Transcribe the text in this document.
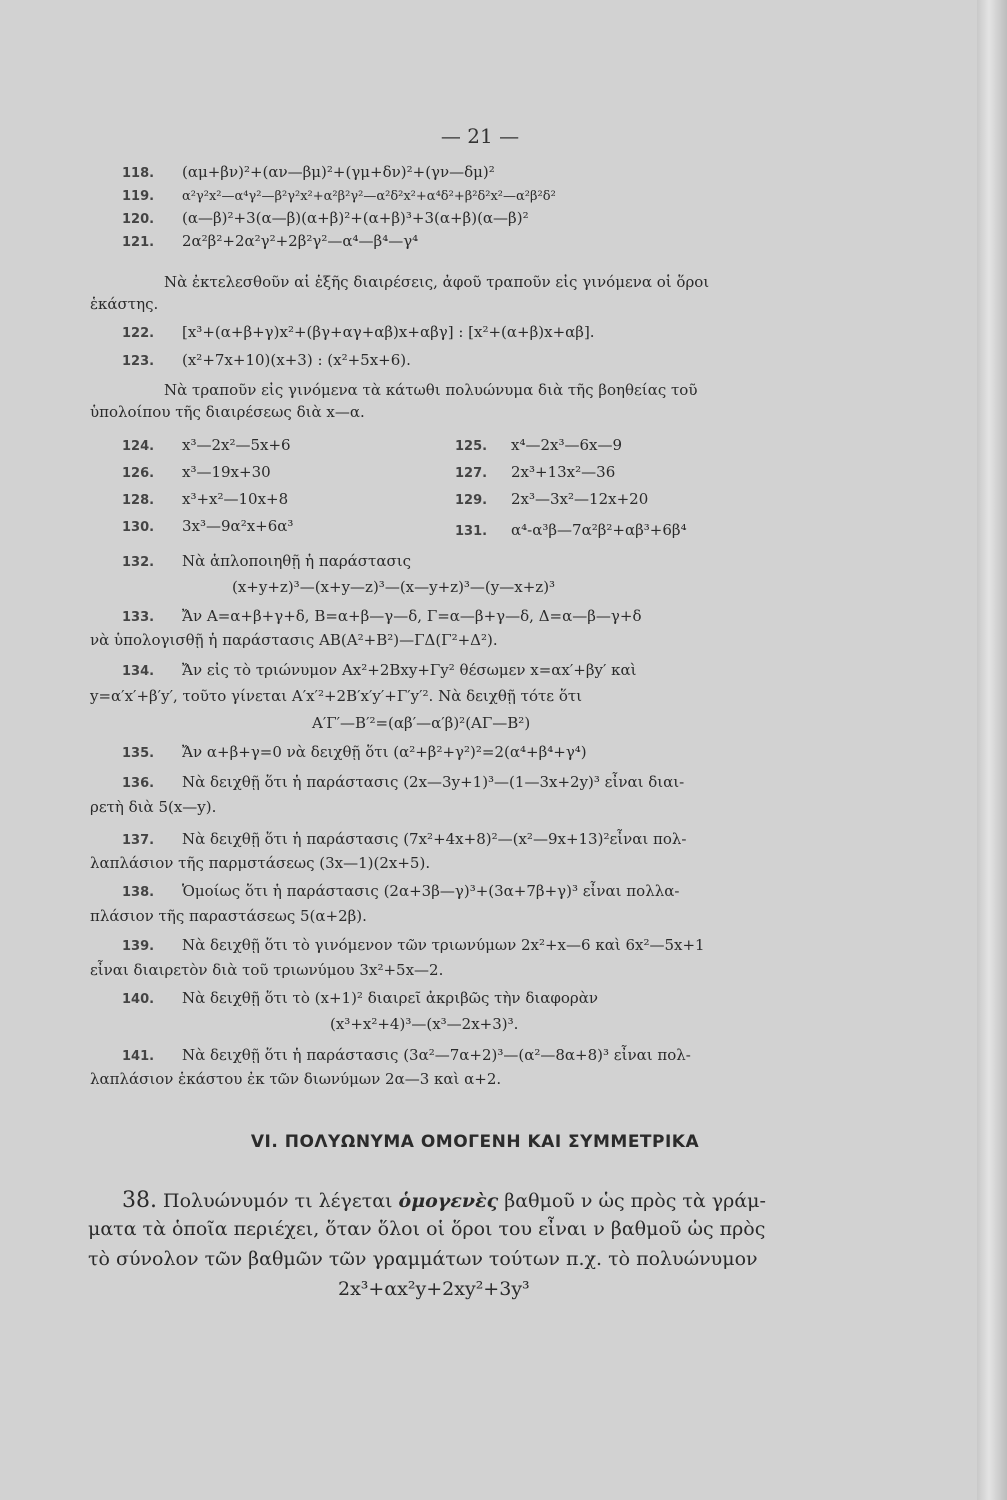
— 21 —
118. (αμ+βν)²+(αν—βμ)²+(γμ+δν)²+(γν—δμ)²
119. α²γ²x²—α⁴γ²—β²γ²x²+α²β²γ²—α²δ²x²+α⁴δ²+β²δ²x²—α²β²δ²
120. (α—β)²+3(α—β)(α+β)²+(α+β)³+3(α+β)(α—β)²
121. 2α²β²+2α²γ²+2β²γ²—α⁴—β⁴—γ⁴
Νὰ ἐκτελεσθοῦν αἱ ἑξῆς διαιρέσεις, ἀφοῦ τραποῦν εἰς γινόμενα οἱ ὅροι
ἑκάστης.
122. [x³+(α+β+γ)x²+(βγ+αγ+αβ)x+αβγ] : [x²+(α+β)x+αβ].
123. (x²+7x+10)(x+3) : (x²+5x+6).
Νὰ τραποῦν εἰς γινόμενα τὰ κάτωθι πολυώνυμα διὰ τῆς βοηθείας τοῦ
ὑπολοίπου τῆς διαιρέσεως διὰ x—α.
124. x³—2x²—5x+6	125. x⁴—2x³—6x—9
126. x³—19x+30	127. 2x³+13x²—36
128. x³+x²—10x+8	129. 2x³—3x²—12x+20
130. 3x³—9α²x+6α³	131. α⁴-α³β—7α²β²+αβ³+6β⁴
132. Νὰ ἁπλοποιηθῇ ἡ παράστασις
(x+y+z)³—(x+y—z)³—(x—y+z)³—(y—x+z)³
133. Ἄν Α=α+β+γ+δ, Β=α+β—γ—δ, Γ=α—β+γ—δ, Δ=α—β—γ+δ
νὰ ὑπολογισθῇ ἡ παράστασις ΑΒ(Α²+Β²)—ΓΔ(Γ²+Δ²).
134. Ἄν εἰς τὸ τριώνυμον Αx²+2Bxy+Γy² θέσωμεν x=αx′+βy′ καὶ
y=α′x′+β′y′, τοῦτο γίνεται Α′x′²+2Β′x′y′+Γ′y′². Νὰ δειχθῇ τότε ὅτι
Α′Γ′—Β′²=(αβ′—α′β)²(ΑΓ—Β²)
135. Ἄν α+β+γ=0 νὰ δειχθῇ ὅτι (α²+β²+γ²)²=2(α⁴+β⁴+γ⁴)
136. Νὰ δειχθῇ ὅτι ἡ παράστασις (2x—3y+1)³—(1—3x+2y)³ εἶναι διαι-
ρετὴ διὰ 5(x—y).
137. Νὰ δειχθῇ ὅτι ἡ παράστασις (7x²+4x+8)²—(x²—9x+13)²εἶναι πολ-
λαπλάσιον τῆς παρμστάσεως (3x—1)(2x+5).
138. Ὁμοίως ὅτι ἡ παράστασις (2α+3β—γ)³+(3α+7β+γ)³ εἶναι πολλα-
πλάσιον τῆς παραστάσεως 5(α+2β).
139. Νὰ δειχθῇ ὅτι τὸ γινόμενον τῶν τριωνύμων 2x²+x—6 καὶ 6x²—5x+1
εἶναι διαιρετὸν διὰ τοῦ τριωνύμου 3x²+5x—2.
140. Νὰ δειχθῇ ὅτι τὸ (x+1)² διαιρεῖ ἀκριβῶς τὴν διαφορὰν
(x³+x²+4)³—(x³—2x+3)³.
141. Νὰ δειχθῇ ὅτι ἡ παράστασις (3α²—7α+2)³—(α²—8α+8)³ εἶναι πολ-
λαπλάσιον ἑκάστου ἐκ τῶν διωνύμων 2α—3 καὶ α+2.
VI. ΠΟΛΥΩΝΥΜΑ ΟΜΟΓΕΝΗ ΚΑΙ ΣΥΜΜΕΤΡΙΚΑ
38. Πολυώνυμόν τι λέγεται ὁμογενὲς βαθμοῦ ν ὡς πρὸς τὰ γράμ-
ματα τὰ ὁποῖα περιέχει, ὅταν ὅλοι οἱ ὅροι του εἶναι ν βαθμοῦ ὡς πρὸς
τὸ σύνολον τῶν βαθμῶν τῶν γραμμάτων τούτων π.χ. τὸ πολυώνυμον
2x³+αx²y+2xy²+3y³
